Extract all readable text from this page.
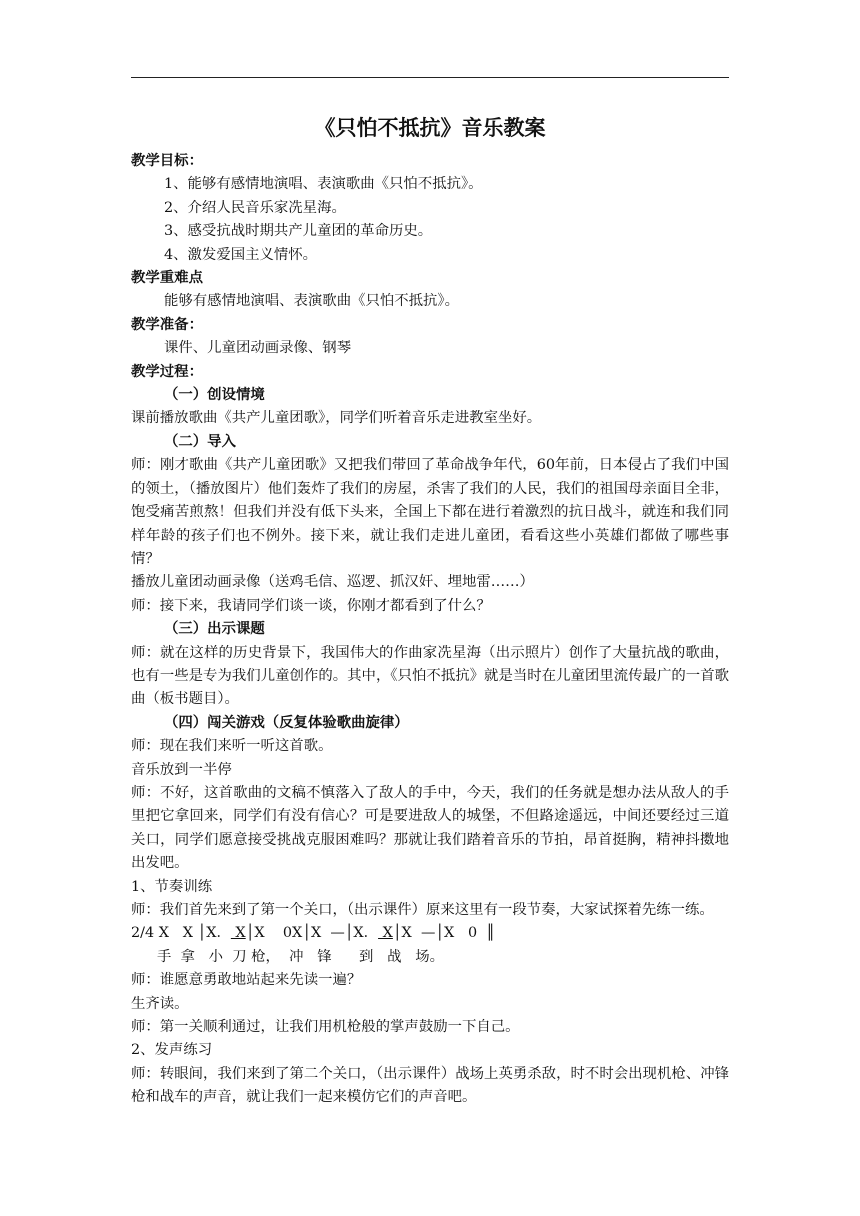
《只怕不抵抗》音乐教案
教学目标：
1、能够有感情地演唱、表演歌曲《只怕不抵抗》。
2、介绍人民音乐家冼星海。
3、感受抗战时期共产儿童团的革命历史。
4、激发爱国主义情怀。
教学重难点
能够有感情地演唱、表演歌曲《只怕不抵抗》。
教学准备：
课件、儿童团动画录像、钢琴
教学过程：
（一）创设情境
课前播放歌曲《共产儿童团歌》，同学们听着音乐走进教室坐好。
（二）导入
师：刚才歌曲《共产儿童团歌》又把我们带回了革命战争年代，60年前，日本侵占了我们中国的领土，（播放图片）他们轰炸了我们的房屋，杀害了我们的人民，我们的祖国母亲面目全非，饱受痛苦煎熬！但我们并没有低下头来，全国上下都在进行着激烈的抗日战斗，就连和我们同样年龄的孩子们也不例外。接下来，就让我们走进儿童团，看看这些小英雄们都做了哪些事情？
播放儿童团动画录像（送鸡毛信、巡逻、抓汉奸、埋地雷……）
师：接下来，我请同学们谈一谈，你刚才都看到了什么？
（三）出示课题
师：就在这样的历史背景下，我国伟大的作曲家冼星海（出示照片）创作了大量抗战的歌曲，也有一些是专为我们儿童创作的。其中，《只怕不抵抗》就是当时在儿童团里流传最广的一首歌曲（板书题目）。
（四）闯关游戏（反复体验歌曲旋律）
师：现在我们来听一听这首歌。
音乐放到一半停
师：不好，这首歌曲的文稿不慎落入了敌人的手中，今天，我们的任务就是想办法从敌人的手里把它拿回来，同学们有没有信心？可是要进敌人的城堡，不但路途遥远，中间还要经过三道关口，同学们愿意接受挑战克服困难吗？那就让我们踏着音乐的节拍，昂首挺胸，精神抖擞地出发吧。
1、节奏训练
师：我们首先来到了第一个关口，（出示课件）原来这里有一段节奏，大家试探着先练一练。
2/4 X   X │X． X│X    0X│X  —│X． X│X  —│X   0  ║
手  拿   小  刀 枪，  冲   锋      到   战   场。
师：谁愿意勇敢地站起来先读一遍？
生齐读。
师：第一关顺利通过，让我们用机枪般的掌声鼓励一下自己。
2、发声练习
师：转眼间，我们来到了第二个关口，（出示课件）战场上英勇杀敌，时不时会出现机枪、冲锋枪和战车的声音，就让我们一起来模仿它们的声音吧。
